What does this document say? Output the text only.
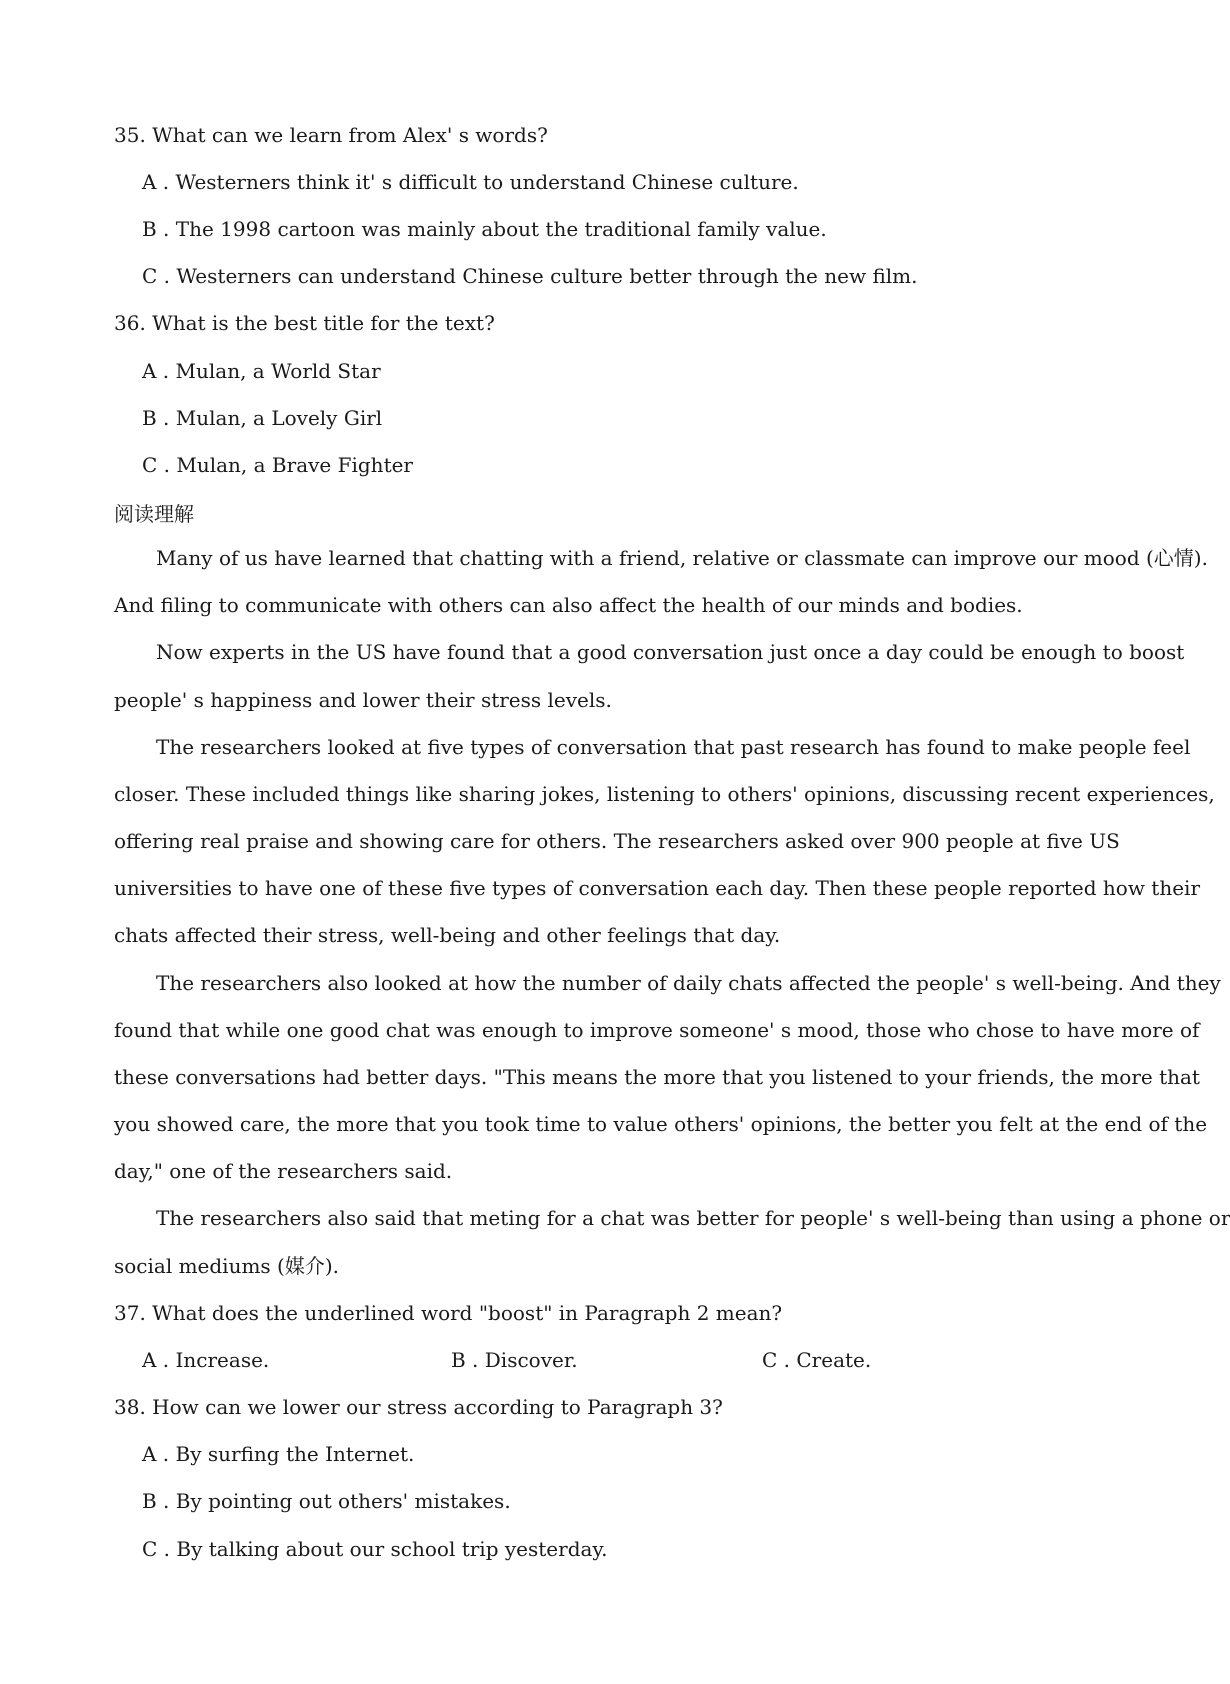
35. What can we learn from Alex' s words?
A . Westerners think it' s difficult to understand Chinese culture.
B . The 1998 cartoon was mainly about the traditional family value.
C . Westerners can understand Chinese culture better through the new film.
36. What is the best title for the text?
A . Mulan, a World Star
B . Mulan, a Lovely Girl
C . Mulan, a Brave Fighter
阅读理解
Many of us have learned that chatting with a friend, relative or classmate can improve our mood (心情).
And filing to communicate with others can also affect the health of our minds and bodies.
Now experts in the US have found that a good conversation just once a day could be enough to boost
people' s happiness and lower their stress levels.
The researchers looked at five types of conversation that past research has found to make people feel
closer. These included things like sharing jokes, listening to others' opinions, discussing recent experiences,
offering real praise and showing care for others. The researchers asked over 900 people at five US
universities to have one of these five types of conversation each day. Then these people reported how their
chats affected their stress, well-being and other feelings that day.
The researchers also looked at how the number of daily chats affected the people' s well-being. And they
found that while one good chat was enough to improve someone' s mood, those who chose to have more of
these conversations had better days. "This means the more that you listened to your friends, the more that
you showed care, the more that you took time to value others' opinions, the better you felt at the end of the
day," one of the researchers said.
The researchers also said that meting for a chat was better for people' s well-being than using a phone or
social mediums (媒介).
37. What does the underlined word "boost" in Paragraph 2 mean?
A . Increase.	B . Discover.	C . Create.
38. How can we lower our stress according to Paragraph 3?
A . By surfing the Internet.
B . By pointing out others' mistakes.
C . By talking about our school trip yesterday.
